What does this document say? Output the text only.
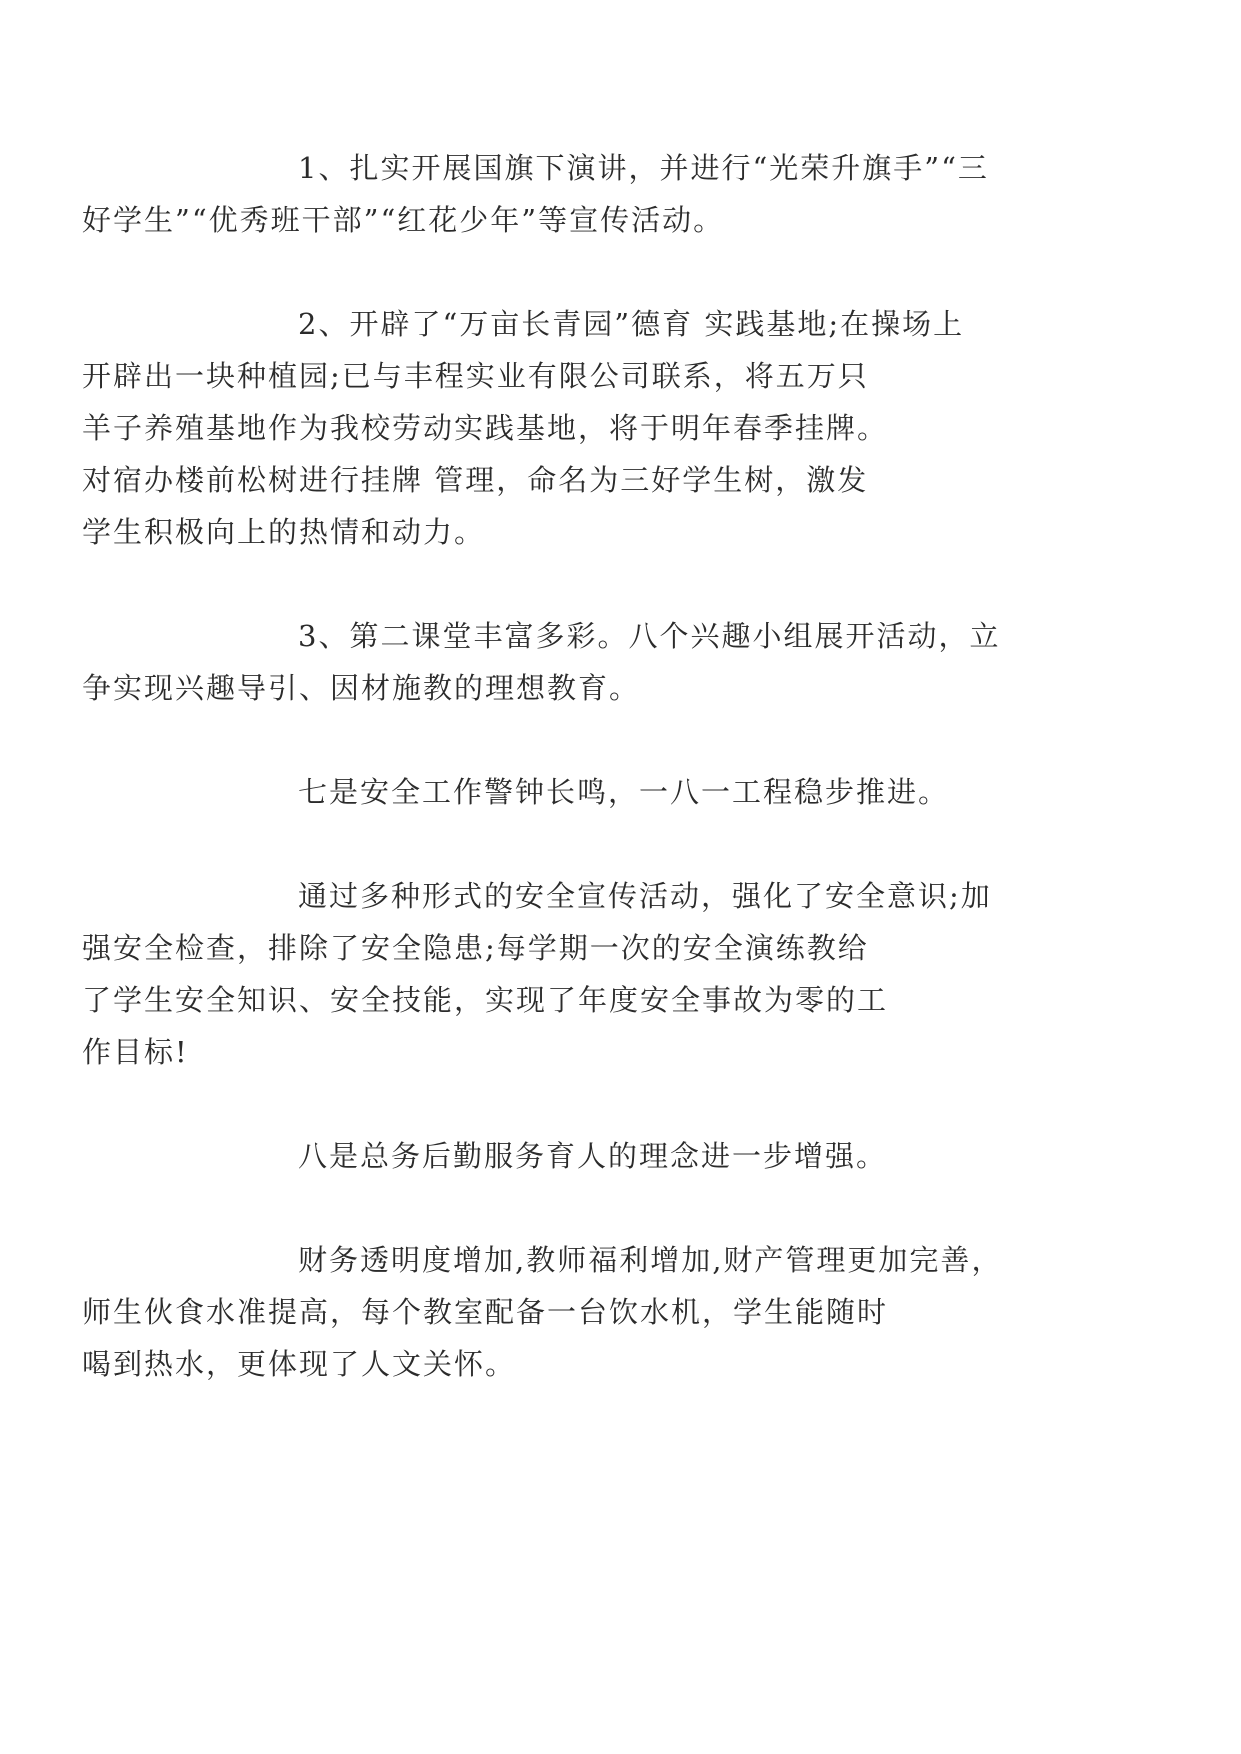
1、扎实开展国旗下演讲，并进行“光荣升旗手”“三
好学生”“优秀班干部”“红花少年”等宣传活动。
2、开辟了“万亩长青园”德育 实践基地;在操场上
开辟出一块种植园;已与丰程实业有限公司联系，将五万只
羊子养殖基地作为我校劳动实践基地，将于明年春季挂牌。
对宿办楼前松树进行挂牌 管理，命名为三好学生树，激发
学生积极向上的热情和动力。
3、第二课堂丰富多彩。八个兴趣小组展开活动，立
争实现兴趣导引、因材施教的理想教育。
七是安全工作警钟长鸣，一八一工程稳步推进。
通过多种形式的安全宣传活动，强化了安全意识;加
强安全检查，排除了安全隐患;每学期一次的安全演练教给
了学生安全知识、安全技能，实现了年度安全事故为零的工
作目标!
八是总务后勤服务育人的理念进一步增强。
财务透明度增加,教师福利增加,财产管理更加完善，
师生伙食水准提高，每个教室配备一台饮水机，学生能随时
喝到热水，更体现了人文关怀。
